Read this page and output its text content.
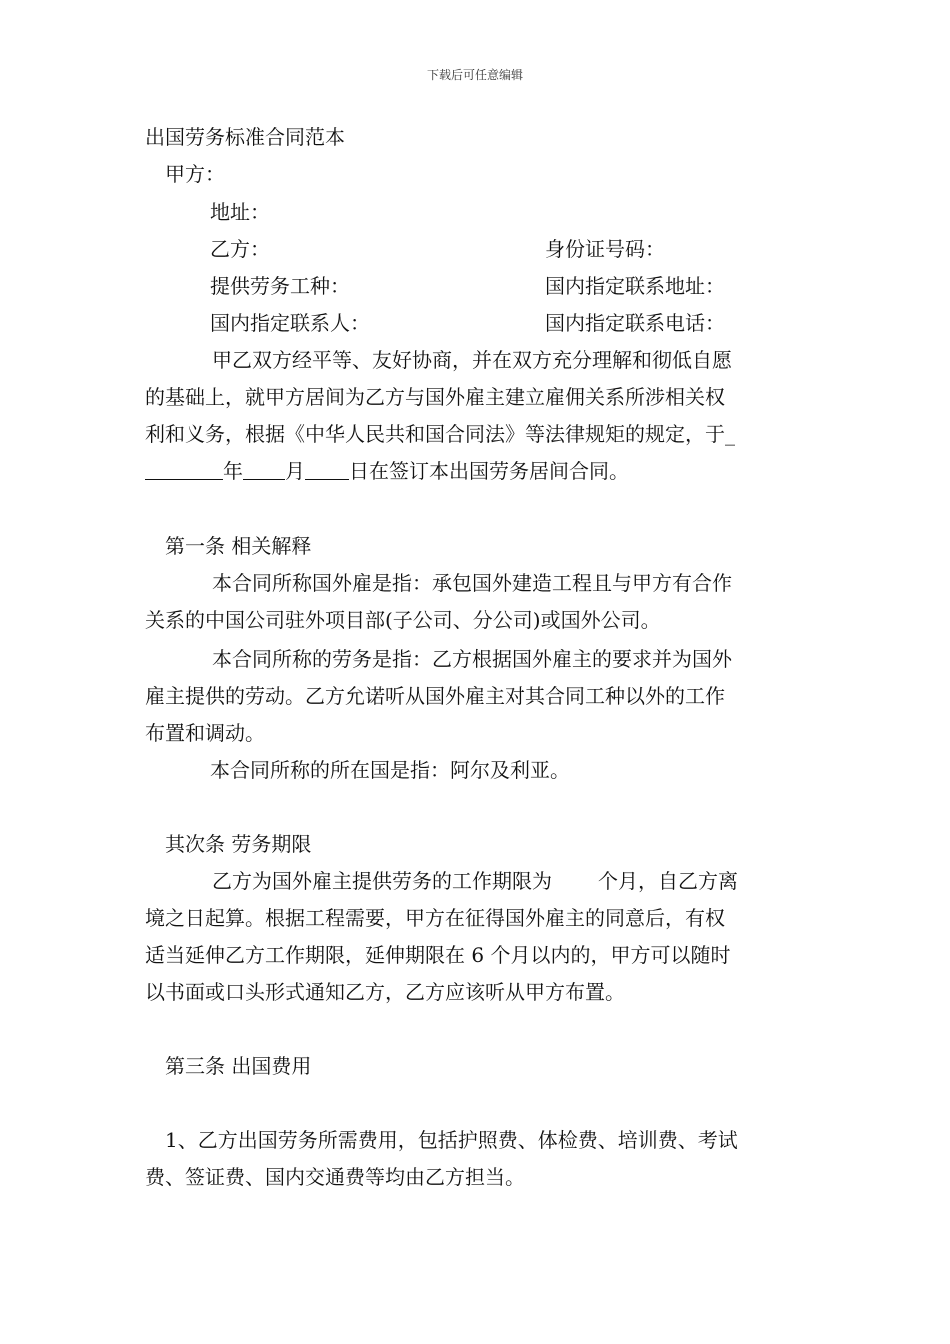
下载后可任意编辑
出国劳务标准合同范本
甲方：
地址：
乙方：	身份证号码：
提供劳务工种：	国内指定联系地址：
国内指定联系人：	国内指定联系电话：
甲乙双方经平等、友好协商，并在双方充分理解和彻低自愿
的基础上，就甲方居间为乙方与国外雇主建立雇佣关系所涉相关权
利和义务，根据《中华人民共和国合同法》等法律规矩的规定，于_
年 月 日在签订本出国劳务居间合同。
第一条 相关解释
本合同所称国外雇是指：承包国外建造工程且与甲方有合作
关系的中国公司驻外项目部(子公司、分公司)或国外公司。
本合同所称的劳务是指：乙方根据国外雇主的要求并为国外
雇主提供的劳动。乙方允诺听从国外雇主对其合同工种以外的工作
布置和调动。
本合同所称的所在国是指：阿尔及利亚。
其次条 劳务期限
乙方为国外雇主提供劳务的工作期限为 个月，自乙方离
境之日起算。根据工程需要，甲方在征得国外雇主的同意后，有权
适当延伸乙方工作期限，延伸期限在 6 个月以内的，甲方可以随时
以书面或口头形式通知乙方，乙方应该听从甲方布置。
第三条 出国费用
1、乙方出国劳务所需费用，包括护照费、体检费、培训费、考试
费、签证费、国内交通费等均由乙方担当。
